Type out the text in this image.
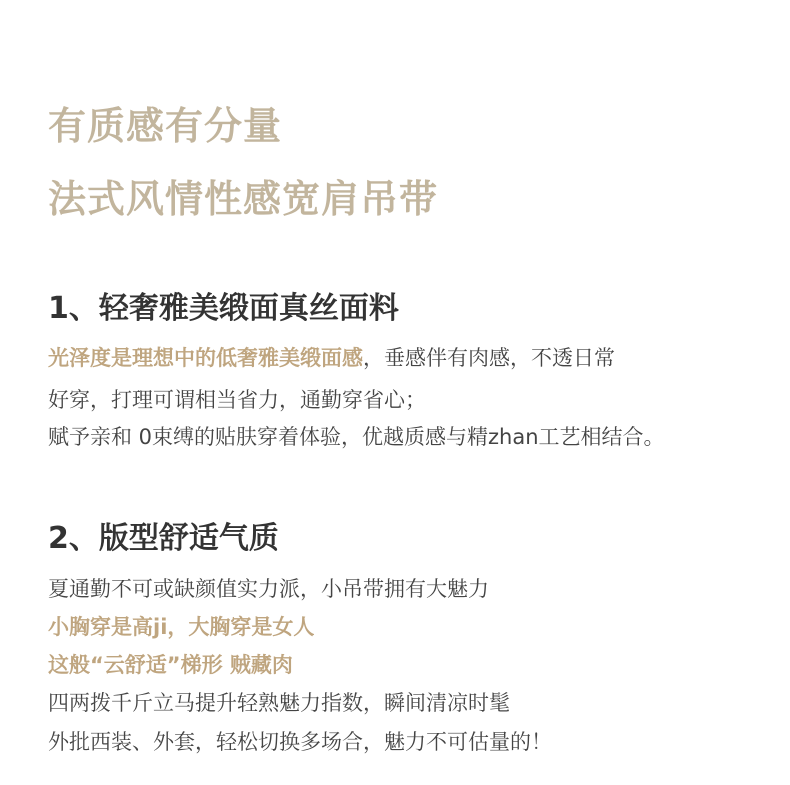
有质感有分量
法式风情性感宽肩吊带
1、轻奢雅美缎面真丝面料

光泽度是理想中的低奢雅美缎面感，垂感伴有肉感，不透日常

好穿，打理可谓相当省力，通勤穿省心；

赋予亲和 0束缚的贴肤穿着体验，优越质感与精zhan工艺相结合。

2、版型舒适气质

夏通勤不可或缺颜值实力派，小吊带拥有大魅力

小胸穿是高ji，大胸穿是女人

这般“云舒适”梯形 贼藏肉

四两拨千斤立马提升轻熟魅力指数，瞬间清凉时髦

外批西装、外套，轻松切换多场合，魅力不可估量的！
